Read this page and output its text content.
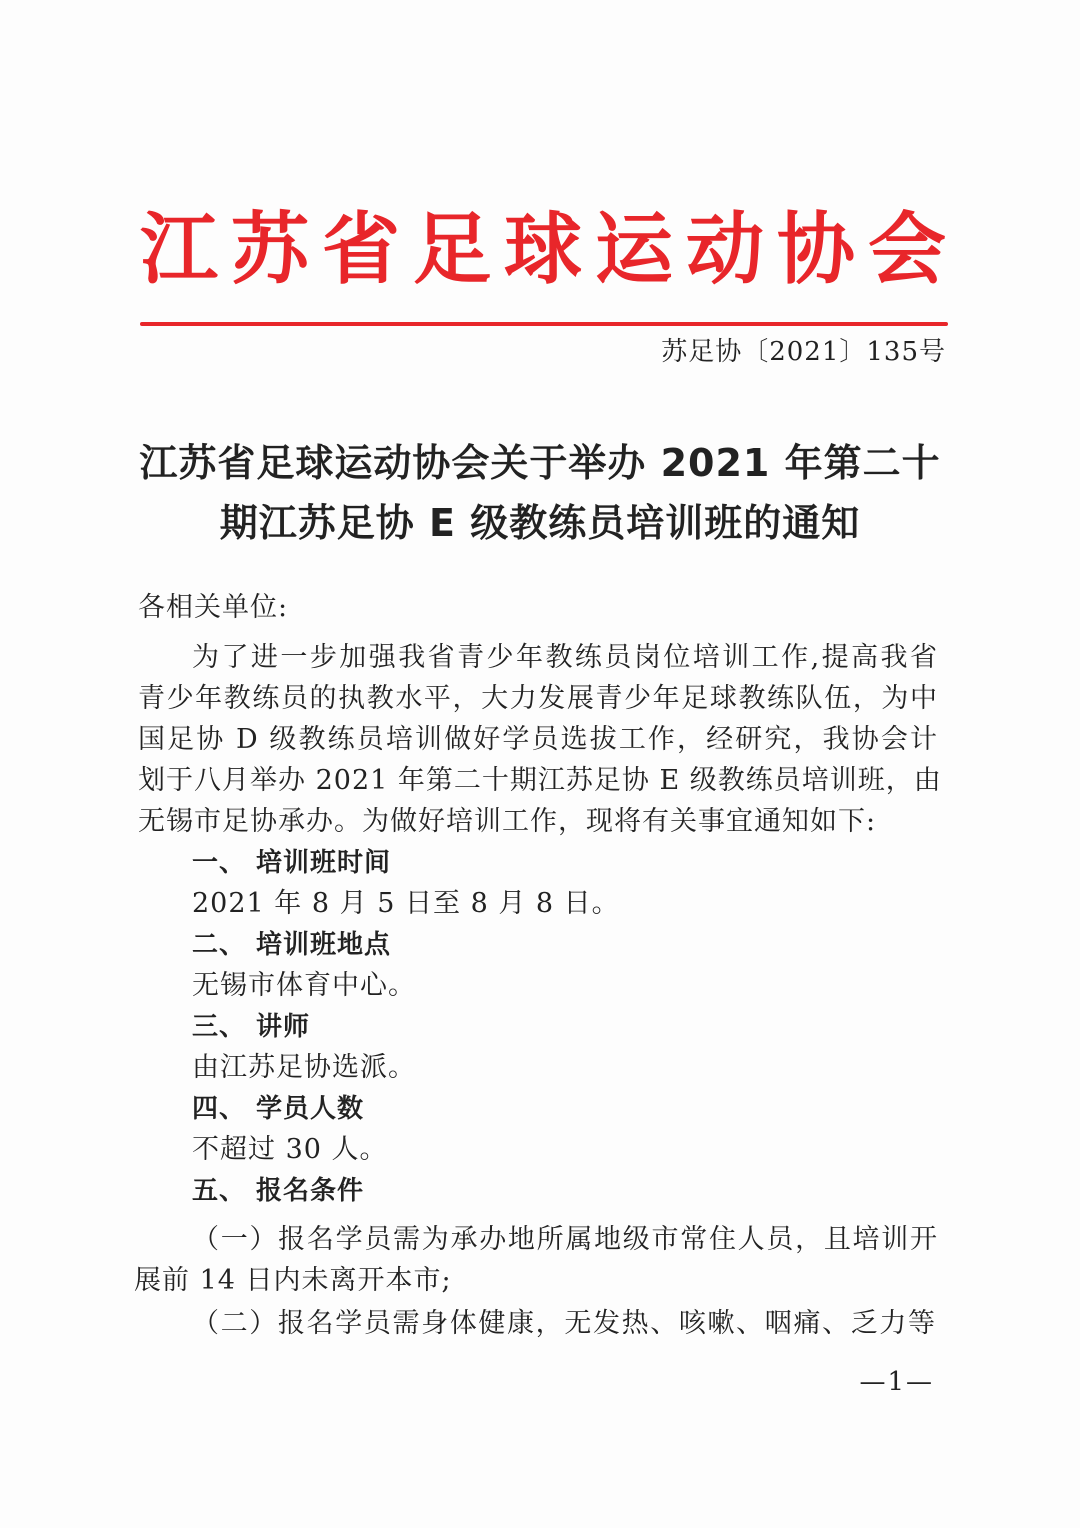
江苏省足球运动协会
苏足协〔2021〕135号
江苏省足球运动协会关于举办 2021 年第二十
期江苏足协 E 级教练员培训班的通知
各相关单位:
为了进一步加强我省青少年教练员岗位培训工作,提高我省
青少年教练员的执教水平，大力发展青少年足球教练队伍，为中
国足协 D 级教练员培训做好学员选拔工作，经研究，我协会计
划于八月举办 2021 年第二十期江苏足协 E 级教练员培训班，由
无锡市足协承办。为做好培训工作，现将有关事宜通知如下:
一、 培训班时间
2021 年 8 月 5 日至 8 月 8 日。
二、 培训班地点
无锡市体育中心。
三、 讲师
由江苏足协选派。
四、 学员人数
不超过 30 人。
五、 报名条件
（一）报名学员需为承办地所属地级市常住人员，且培训开
展前 14 日内未离开本市;
（二）报名学员需身体健康，无发热、咳嗽、咽痛、乏力等
—1—
